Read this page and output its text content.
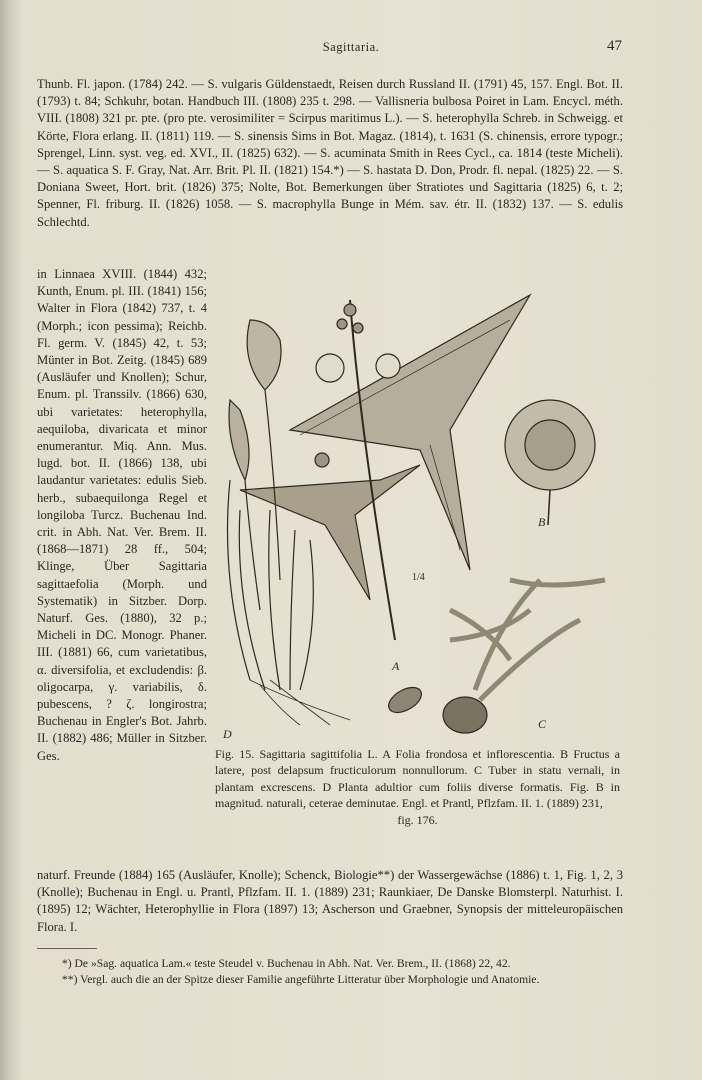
Sagittaria.	47

Thunb. Fl. japon. (1784) 242. — S. vulgaris Güldenstaedt, Reisen durch Russland II. (1791) 45, 157. Engl. Bot. II. (1793) t. 84; Schkuhr, botan. Handbuch III. (1808) 235 t. 298. — Vallisneria bulbosa Poiret in Lam. Encycl. méth. VIII. (1808) 321 pr. pte. (pro pte. verosimiliter = Scirpus maritimus L.). — S. heterophylla Schreb. in Schweigg. et Körte, Flora erlang. II. (1811) 119. — S. sinensis Sims in Bot. Magaz. (1814), t. 1631 (S. chinensis, errore typogr.; Sprengel, Linn. syst. veg. ed. XVI., II. (1825) 632). — S. acuminata Smith in Rees Cycl., ca. 1814 (teste Micheli). — S. aquatica S. F. Gray, Nat. Arr. Brit. Pl. II. (1821) 154.*) — S. hastata D. Don, Prodr. fl. nepal. (1825) 22. — S. Doniana Sweet, Hort. brit. (1826) 375; Nolte, Bot. Bemerkungen über Stratiotes und Sagittaria (1825) 6, t. 2; Spenner, Fl. friburg. II. (1826) 1058. — S. macrophylla Bunge in Mém. sav. étr. II. (1832) 137. — S. edulis Schlechtd.

in Linnaea XVIII. (1844) 432; Kunth, Enum. pl. III. (1841) 156; Walter in Flora (1842) 737, t. 4 (Morph.; icon pessima); Reichb. Fl. germ. V. (1845) 42, t. 53; Münter in Bot. Zeitg. (1845) 689 (Ausläufer und Knollen); Schur, Enum. pl. Transsilv. (1866) 630, ubi varietates: heterophylla, aequiloba, divaricata et minor enumerantur. Miq. Ann. Mus. lugd. bot. II. (1866) 138, ubi laudantur varietates: edulis Sieb. herb., subaequilonga Regel et longiloba Turcz. Buchenau Ind. crit. in Abh. Nat. Ver. Brem. II. (1868—1871) 28 ff., 504; Klinge, Über Sagittaria sagittaefolia (Morph. und Systematik) in Sitzber. Dorp. Naturf. Ges. (1880), 32 p.; Micheli in DC. Monogr. Phaner. III. (1881) 66, cum varietatibus, α. diversifolia, et excludendis: β. oligocarpa, γ. variabilis, δ. pubescens, ? ζ. longirostra; Buchenau in Engler's Bot. Jahrb. II. (1882) 486; Müller in Sitzber. Ges.

A
B
C
D
1/4

Fig. 15. Sagittaria sagittifolia L. A Folia frondosa et inflorescentia. B Fructus a latere, post delapsum fructiculorum nonnullorum. C Tuber in statu vernali, in plantam excrescens. D Planta adultior cum foliis diverse formatis. Fig. B in magnitud. naturali, ceterae deminutae. Engl. et Prantl, Pflzfam. II. 1. (1889) 231,

fig. 176.

naturf. Freunde (1884) 165 (Ausläufer, Knolle); Schenck, Biologie**) der Wassergewächse (1886) t. 1, Fig. 1, 2, 3 (Knolle); Buchenau in Engl. u. Prantl, Pflzfam. II. 1. (1889) 231; Raunkiaer, De Danske Blomsterpl. Naturhist. I. (1895) 12; Wächter, Heterophyllie in Flora (1897) 13; Ascherson und Graebner, Synopsis der mitteleuropäischen Flora. I.

*) De »Sag. aquatica Lam.« teste Steudel v. Buchenau in Abh. Nat. Ver. Brem., II. (1868) 22, 42.

**) Vergl. auch die an der Spitze dieser Familie angeführte Litteratur über Morphologie und Anatomie.
